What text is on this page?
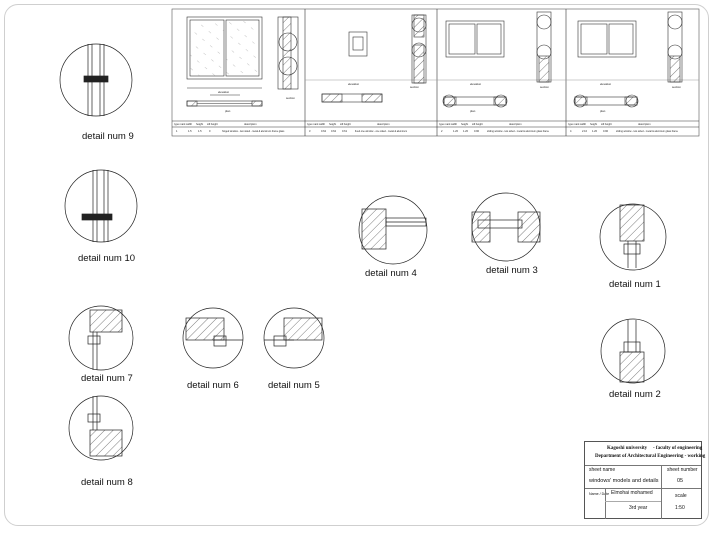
type mark width height sill height	description
1	1.5 1.5	0	hinged window - two sided - metal & aluminum frame glass
type mark width height sill height	description
3	0.62 0.62 0.61	fixed one window - one sided - metal & aluminum
type mark width height sill height	description
2	1.20 1.20 0.90	sliding window - two sided - metal & aluminum glass frame
type mark width height sill height	description
4	2.10 1.20 0.90	sliding window - two sided - metal & aluminum glass frame
elevation
section
plan
elevation
section
elevation
section
plan
elevation
section
plan
detail num 9
detail num 10
detail num 4	detail num 3
detail num 1
detail num 2
detail num 7
detail num 6	detail num 5
detail num 8
Kagoshi university - faculty of engineering
Department of Architectural Engineering - working
sheet name	sheet number
windows' models and details	05
Name / Date Elmohai mohamed	scale
3rd year	1:50
